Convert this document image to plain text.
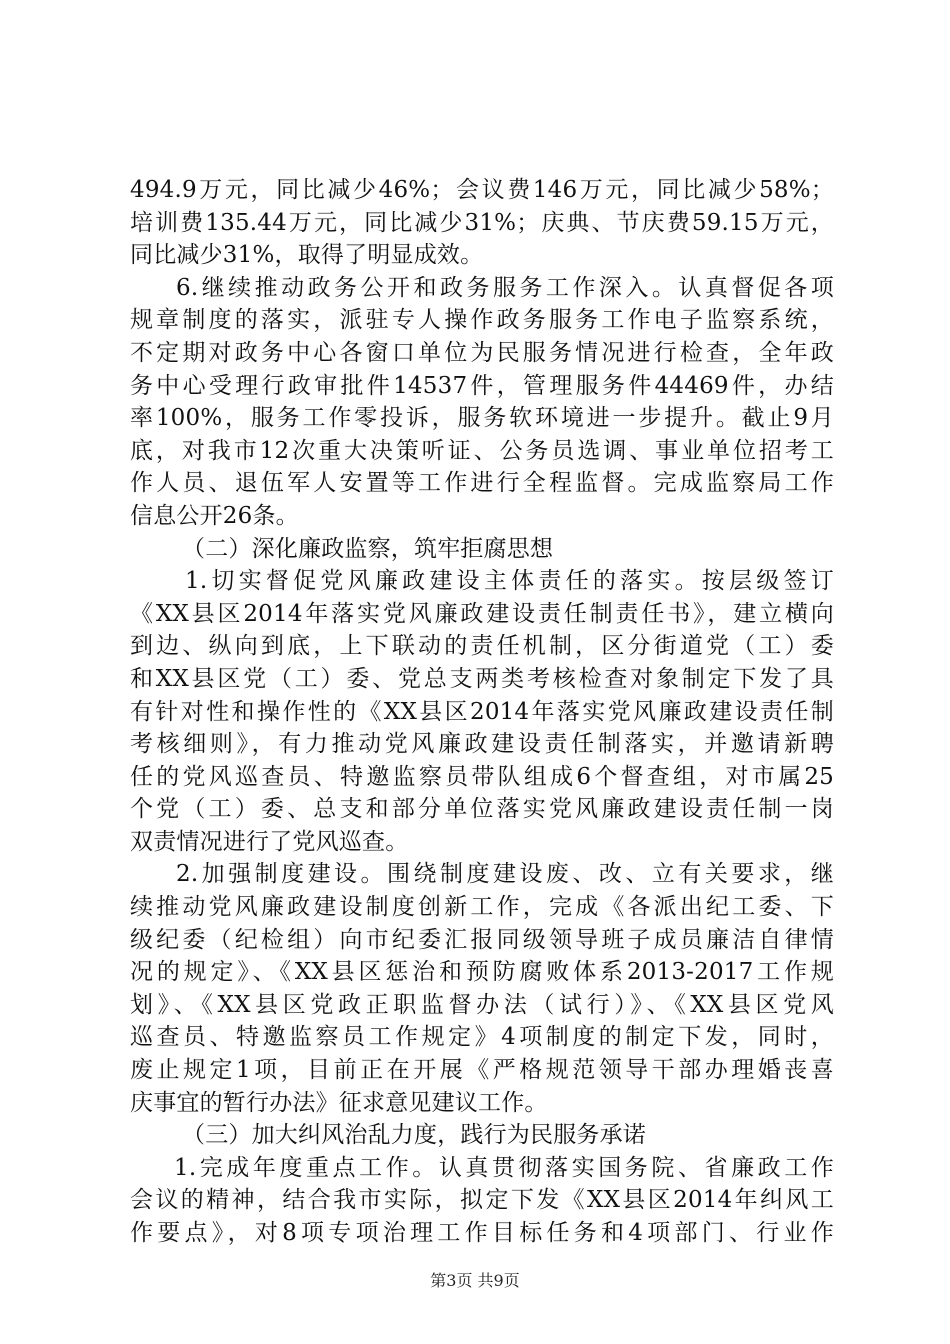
494.9万元，同比减少46%；会议费146万元，同比减少58%；
培训费135.44万元，同比减少31%；庆典、节庆费59.15万元，
同比减少31%，取得了明显成效。
6.继续推动政务公开和政务服务工作深入。认真督促各项
规章制度的落实，派驻专人操作政务服务工作电子监察系统，
不定期对政务中心各窗口单位为民服务情况进行检查，全年政
务中心受理行政审批件14537件，管理服务件44469件，办结
率100%，服务工作零投诉，服务软环境进一步提升。截止9月
底，对我市12次重大决策听证、公务员选调、事业单位招考工
作人员、退伍军人安置等工作进行全程监督。完成监察局工作
信息公开26条。
（二）深化廉政监察，筑牢拒腐思想
1.切实督促党风廉政建设主体责任的落实。按层级签订
《XX县区2014年落实党风廉政建设责任制责任书》，建立横向
到边、纵向到底，上下联动的责任机制，区分街道党（工）委
和XX县区党（工）委、党总支两类考核检查对象制定下发了具
有针对性和操作性的《XX县区2014年落实党风廉政建设责任制
考核细则》，有力推动党风廉政建设责任制落实，并邀请新聘
任的党风巡查员、特邀监察员带队组成6个督查组，对市属25
个党（工）委、总支和部分单位落实党风廉政建设责任制一岗
双责情况进行了党风巡查。
2.加强制度建设。围绕制度建设废、改、立有关要求，继
续推动党风廉政建设制度创新工作，完成《各派出纪工委、下
级纪委（纪检组）向市纪委汇报同级领导班子成员廉洁自律情
况的规定》、《XX县区惩治和预防腐败体系2013-2017工作规
划》、《XX县区党政正职监督办法（试行）》、《XX县区党风
巡查员、特邀监察员工作规定》4项制度的制定下发，同时，
废止规定1项，目前正在开展《严格规范领导干部办理婚丧喜
庆事宜的暂行办法》征求意见建议工作。
（三）加大纠风治乱力度，践行为民服务承诺
1.完成年度重点工作。认真贯彻落实国务院、省廉政工作
会议的精神，结合我市实际，拟定下发《XX县区2014年纠风工
作要点》，对8项专项治理工作目标任务和4项部门、行业作
第3页 共9页
